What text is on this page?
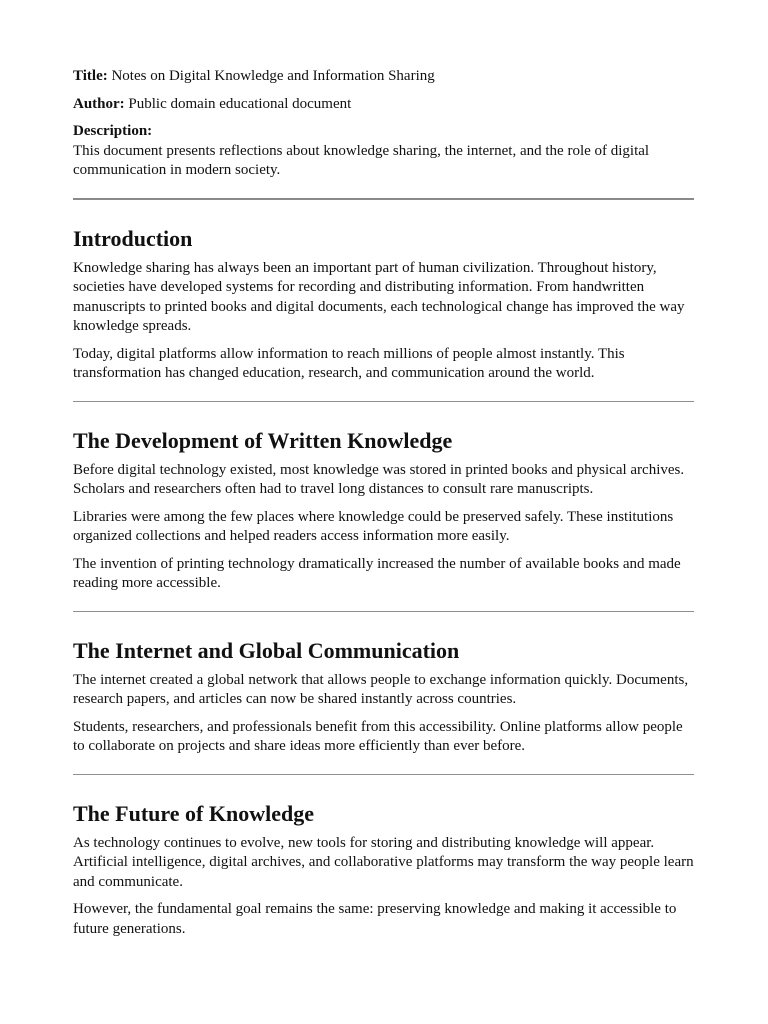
Title: Notes on Digital Knowledge and Information Sharing

Author: Public domain educational document

Description:
This document presents reflections about knowledge sharing, the internet, and the role of digital communication in modern society.

Introduction

Knowledge sharing has always been an important part of human civilization. Throughout history, societies have developed systems for recording and distributing information. From handwritten manuscripts to printed books and digital documents, each technological change has improved the way knowledge spreads.

Today, digital platforms allow information to reach millions of people almost instantly. This transformation has changed education, research, and communication around the world.

The Development of Written Knowledge

Before digital technology existed, most knowledge was stored in printed books and physical archives. Scholars and researchers often had to travel long distances to consult rare manuscripts.

Libraries were among the few places where knowledge could be preserved safely. These institutions organized collections and helped readers access information more easily.

The invention of printing technology dramatically increased the number of available books and made reading more accessible.

The Internet and Global Communication

The internet created a global network that allows people to exchange information quickly. Documents, research papers, and articles can now be shared instantly across countries.

Students, researchers, and professionals benefit from this accessibility. Online platforms allow people to collaborate on projects and share ideas more efficiently than ever before.

The Future of Knowledge

As technology continues to evolve, new tools for storing and distributing knowledge will appear. Artificial intelligence, digital archives, and collaborative platforms may transform the way people learn and communicate.

However, the fundamental goal remains the same: preserving knowledge and making it accessible to future generations.
